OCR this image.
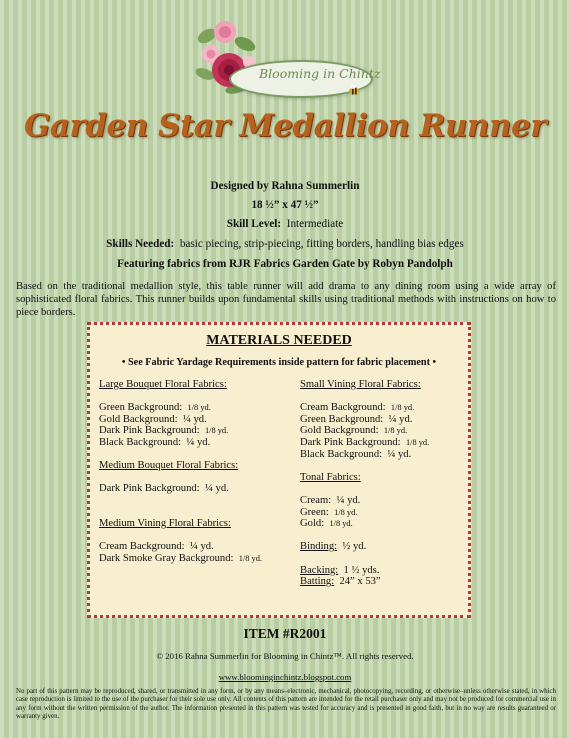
Blooming in Chintz
Garden Star Medallion Runner
Designed by Rahna Summerlin
18 ½” x 47 ½”
Skill Level: Intermediate
Skills Needed: basic piecing, strip-piecing, fitting borders, handling bias edges
Featuring fabrics from RJR Fabrics Garden Gate by Robyn Pandolph
Based on the traditional medallion style, this table runner will add drama to any dining room using a wide array of sophisticated floral fabrics. This runner builds upon fundamental skills using traditional methods with instructions on how to piece borders.
MATERIALS NEEDED
• See Fabric Yardage Requirements inside pattern for fabric placement •
Large Bouquet Floral Fabrics:
Green Background: 1/8 yd.
Gold Background: ¼ yd.
Dark Pink Background: 1/8 yd.
Black Background: ¼ yd.
Medium Bouquet Floral Fabrics:
Dark Pink Background: ¼ yd.
Medium Vining Floral Fabrics:
Cream Background: ¼ yd.
Dark Smoke Gray Background: 1/8 yd.
Small Vining Floral Fabrics:
Cream Background: 1/8 yd.
Green Background: ¼ yd.
Gold Background: 1/8 yd.
Dark Pink Background: 1/8 yd.
Black Background: ¼ yd.
Tonal Fabrics:
Cream: ¼ yd.
Green: 1/8 yd.
Gold: 1/8 yd.
Binding: ½ yd.
Backing: 1 ½ yds.
Batting: 24” x 53”
ITEM #R2001
© 2016 Rahna Summerlin for Blooming in Chintz™. All rights reserved.
www.bloominginchintz.blogspot.com
No part of this pattern may be reproduced, shared, or transmitted in any form, or by any means–electronic, mechanical, photocopying, recording, or otherwise–unless otherwise stated, in which case reproduction is limited to the use of the purchaser for their sole use only. All contents of this pattern are intended for the retail purchaser only and may not be produced for commercial use in any form without the written permission of the author. The information presented in this pattern was tested for accuracy and is presented in good faith, but in no way are results guaranteed or warranty given.
